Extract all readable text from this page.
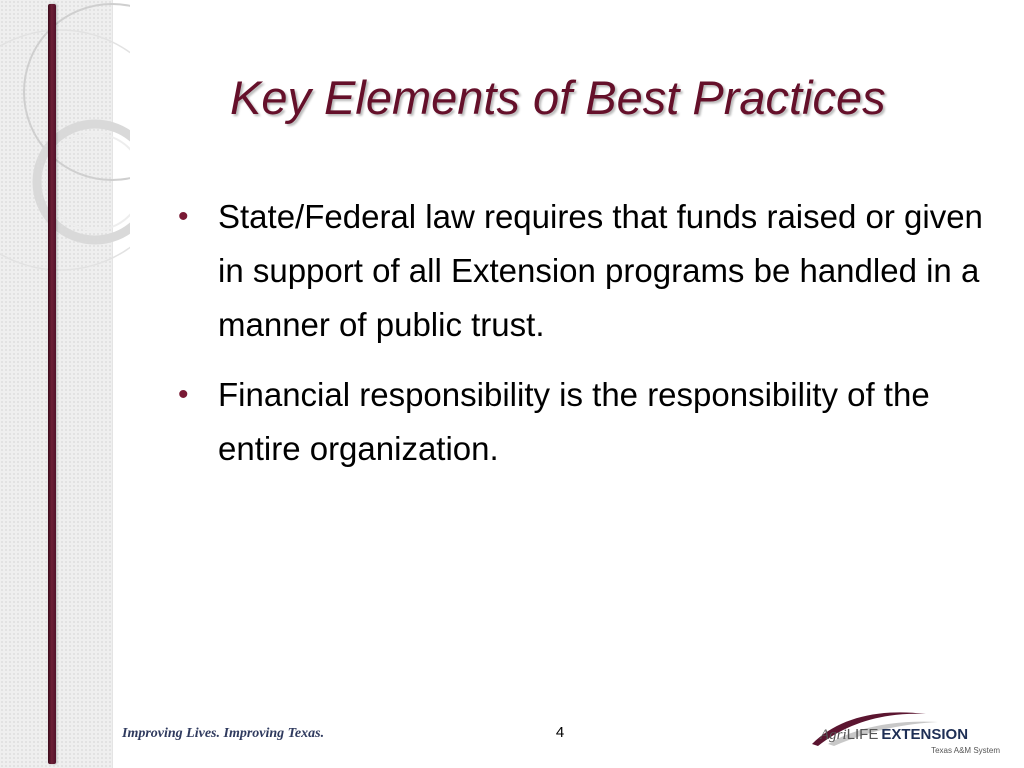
Key Elements of Best Practices
• State/Federal law requires that funds raised or given in support of all Extension programs be handled in a manner of public trust.
• Financial responsibility is the responsibility of the entire organization.
Improving Lives. Improving Texas.	4	AgriLIFE EXTENSION
Texas A&M System
